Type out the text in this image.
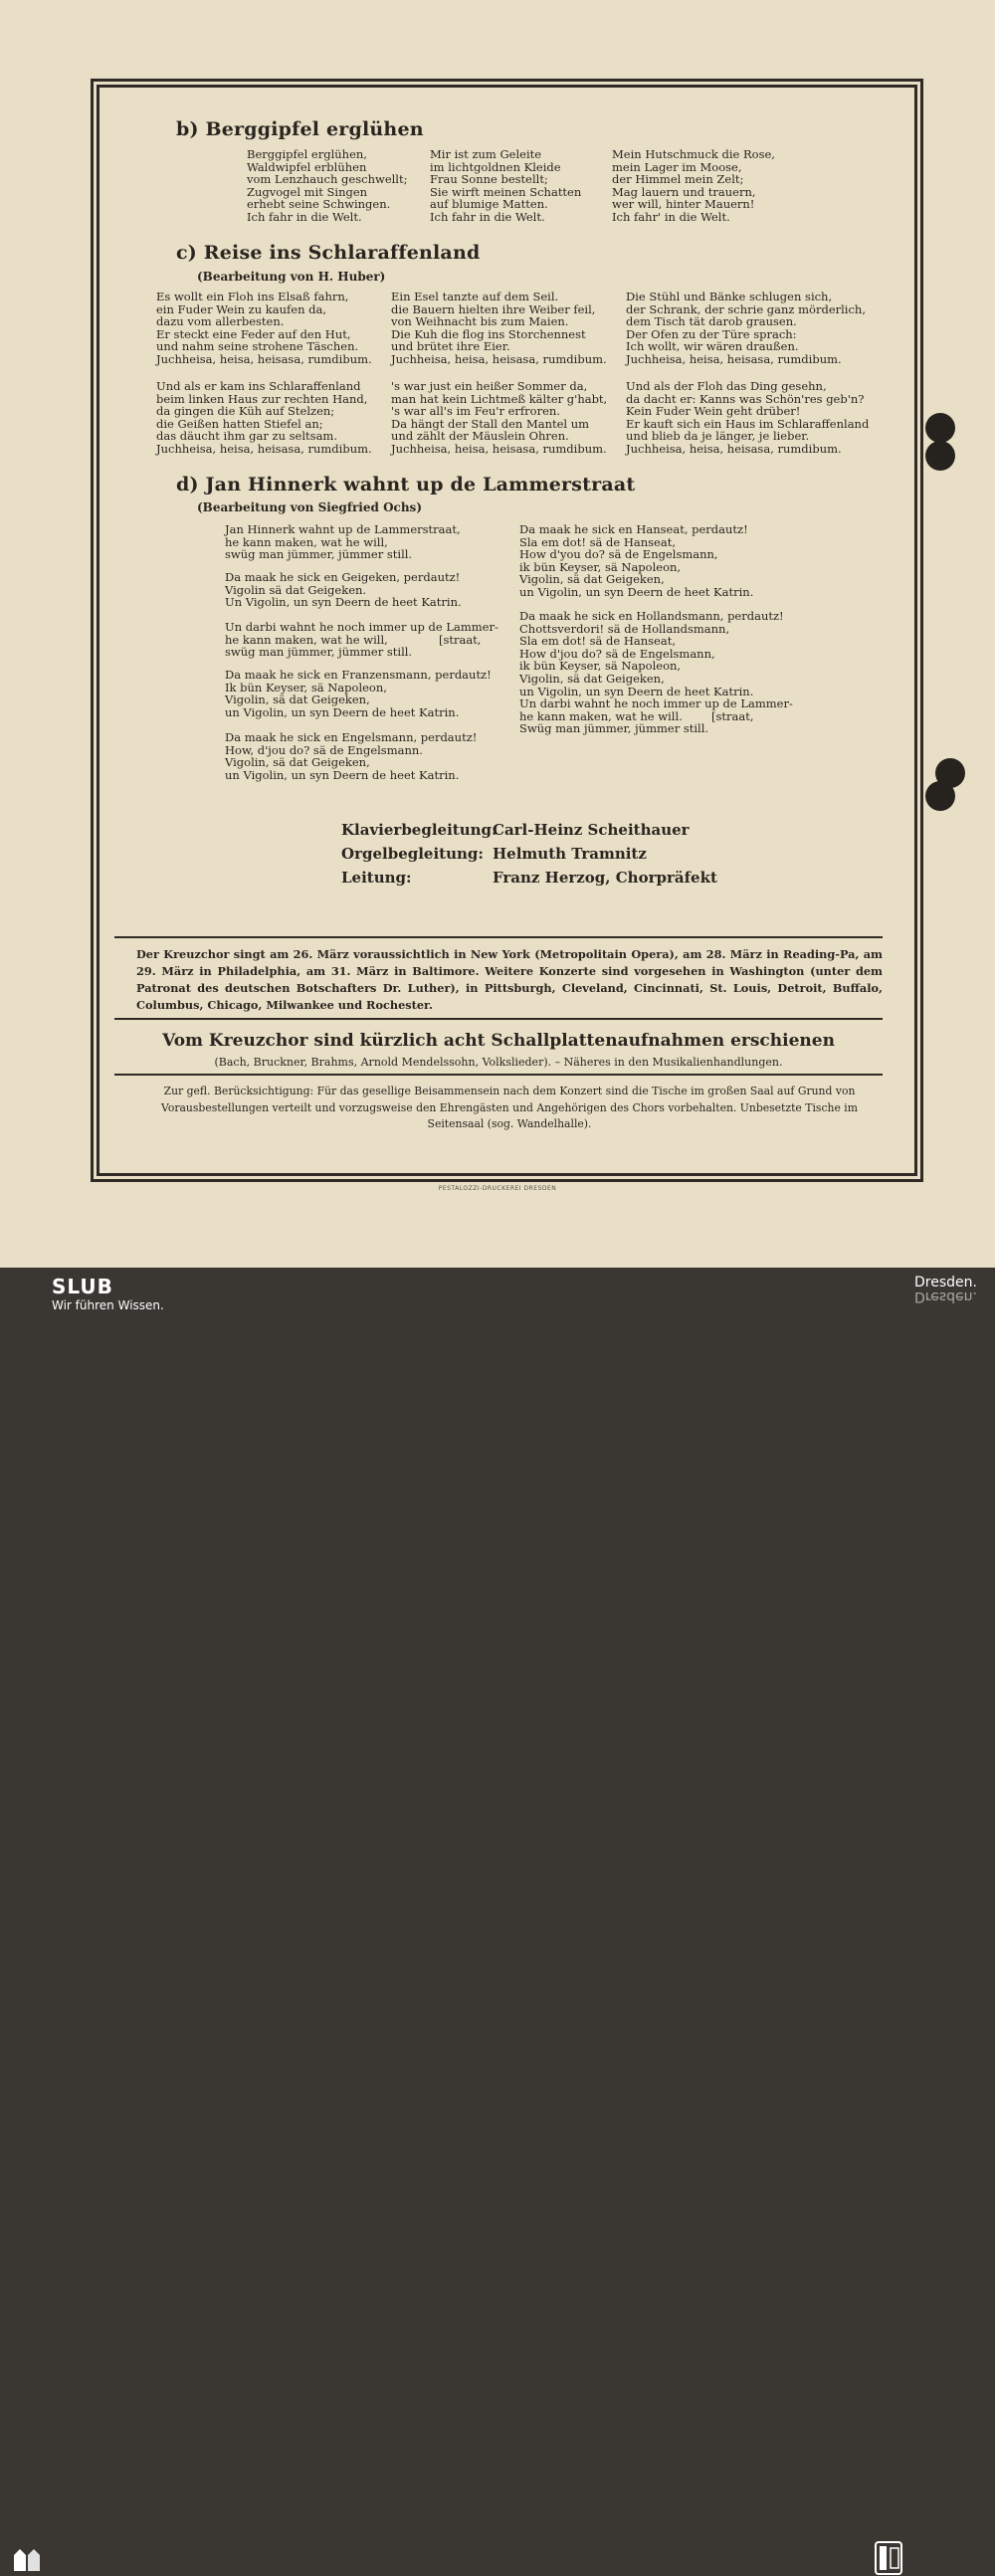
b) Berggipfel erglühen
Berggipfel erglühen,
Waldwipfel erblühen
vom Lenzhauch geschwellt;
Zugvogel mit Singen
erhebt seine Schwingen.
Ich fahr in die Welt.
Mir ist zum Geleite
im lichtgoldnen Kleide
Frau Sonne bestellt;
Sie wirft meinen Schatten
auf blumige Matten.
Ich fahr in die Welt.
Mein Hutschmuck die Rose,
mein Lager im Moose,
der Himmel mein Zelt;
Mag lauern und trauern,
wer will, hinter Mauern!
Ich fahr' in die Welt.
c) Reise ins Schlaraffenland
(Bearbeitung von H. Huber)
Es wollt ein Floh ins Elsaß fahrn,
ein Fuder Wein zu kaufen da,
dazu vom allerbesten.
Er steckt eine Feder auf den Hut,
und nahm seine strohene Täschen.
Juchheisa, heisa, heisasa, rumdibum.
Ein Esel tanzte auf dem Seil.
die Bauern hielten ihre Weiber feil,
von Weihnacht bis zum Maien.
Die Kuh die flog ins Storchennest
und brütet ihre Eier.
Juchheisa, heisa, heisasa, rumdibum.
Die Stühl und Bänke schlugen sich,
der Schrank, der schrie ganz mörderlich,
dem Tisch tät darob grausen.
Der Ofen zu der Türe sprach:
Ich wollt, wir wären draußen.
Juchheisa, heisa, heisasa, rumdibum.
Und als er kam ins Schlaraffenland
beim linken Haus zur rechten Hand,
da gingen die Küh auf Stelzen;
die Geißen hatten Stiefel an;
das däucht ihm gar zu seltsam.
Juchheisa, heisa, heisasa, rumdibum.
's war just ein heißer Sommer da,
man hat kein Lichtmeß kälter g'habt,
's war all's im Feu'r erfroren.
Da hängt der Stall den Mantel um
und zählt der Mäuslein Ohren.
Juchheisa, heisa, heisasa, rumdibum.
Und als der Floh das Ding gesehn,
da dacht er: Kanns was Schön'res geb'n?
Kein Fuder Wein geht drüber!
Er kauft sich ein Haus im Schlaraffenland
und blieb da je länger, je lieber.
Juchheisa, heisa, heisasa, rumdibum.
d) Jan Hinnerk wahnt up de Lammerstraat
(Bearbeitung von Siegfried Ochs)
Jan Hinnerk wahnt up de Lammerstraat,
he kann maken, wat he will,
swüg man jümmer, jümmer still.
Da maak he sick en Geigeken, perdautz!
Vigolin sä dat Geigeken.
Un Vigolin, un syn Deern de heet Katrin.
Un darbi wahnt he noch immer up de Lammer-
he kann maken, wat he will,              [straat,
swüg man jümmer, jümmer still.
Da maak he sick en Franzensmann, perdautz!
Ik bün Keyser, sä Napoleon,
Vigolin, sä dat Geigeken,
un Vigolin, un syn Deern de heet Katrin.
Da maak he sick en Engelsmann, perdautz!
How, d'jou do? sä de Engelsmann.
Vigolin, sä dat Geigeken,
un Vigolin, un syn Deern de heet Katrin.
Da maak he sick en Hanseat, perdautz!
Sla em dot! sä de Hanseat,
How d'you do? sä de Engelsmann,
ik bün Keyser, sä Napoleon,
Vigolin, sä dat Geigeken,
un Vigolin, un syn Deern de heet Katrin.
Da maak he sick en Hollandsmann, perdautz!
Chottsverdori! sä de Hollandsmann,
Sla em dot! sä de Hanseat,
How d'jou do? sä de Engelsmann,
ik bün Keyser, sä Napoleon,
Vigolin, sä dat Geigeken,
un Vigolin, un syn Deern de heet Katrin.
Un darbi wahnt he noch immer up de Lammer-
he kann maken, wat he will.        [straat,
Swüg man jümmer, jümmer still.
Klavierbegleitung:
Carl-Heinz Scheithauer
Orgelbegleitung: Helmuth Tramnitz
Leitung:	Franz Herzog, Chorpräfekt
Der Kreuzchor singt am 26. März voraussichtlich in New York (Metropolitain Opera), am 28. März in Reading-Pa, am 29. März in Philadelphia, am 31. März in Baltimore. Weitere Konzerte sind vorgesehen in Washington (unter dem Patronat des deutschen Botschafters Dr. Luther), in Pittsburgh, Cleveland, Cincinnati, St. Louis, Detroit, Buffalo, Columbus, Chicago, Milwankee und Rochester.
Vom Kreuzchor sind kürzlich acht Schallplattenaufnahmen erschienen
(Bach, Bruckner, Brahms, Arnold Mendelssohn, Volkslieder). – Näheres in den Musikalienhandlungen.
Zur gefl. Berücksichtigung: Für das gesellige Beisammensein nach dem Konzert sind die Tische im großen Saal auf Grund von Vorausbestellungen verteilt und vorzugsweise den Ehrengästen und Angehörigen des Chors vorbehalten. Unbesetzte Tische im Seitensaal (sog. Wandelhalle).
PESTALOZZI-DRUCKEREI DRESDEN
SLUB
Wir führen Wissen.
Dresden.
Dresden.
